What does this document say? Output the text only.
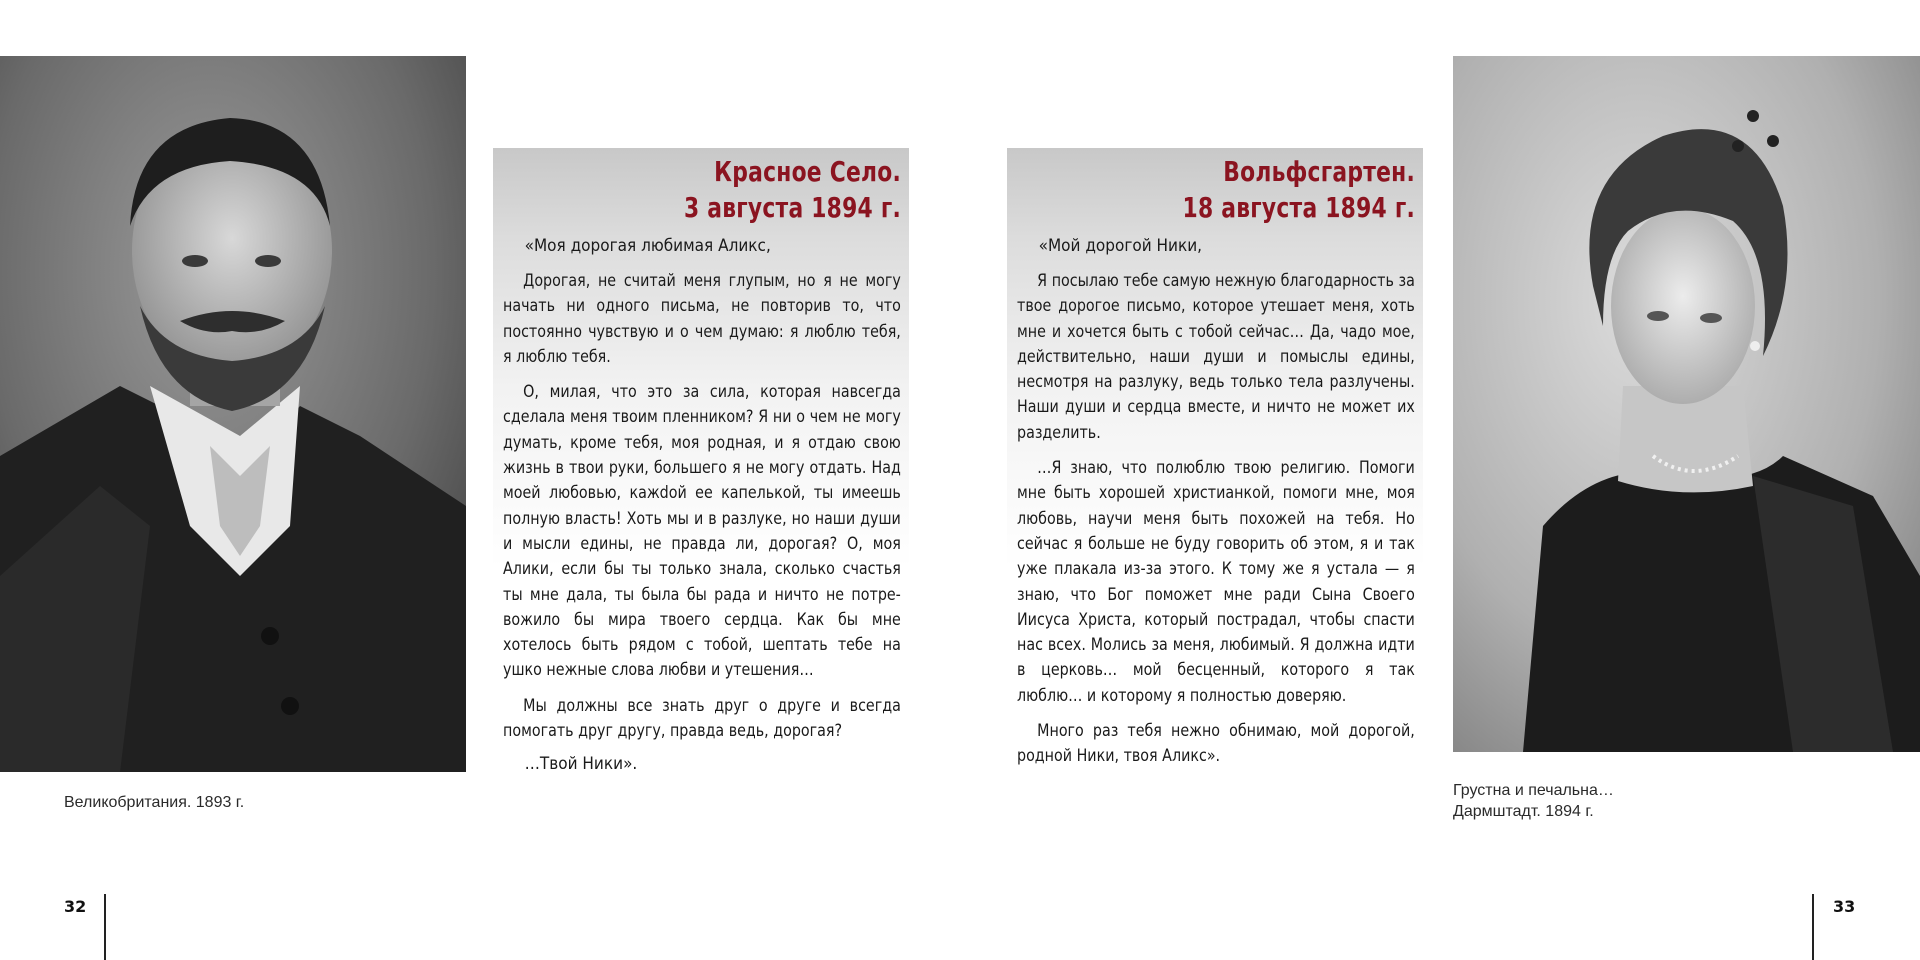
Великобритания. 1893 г.
Красное Село.
3 августа 1894 г.
«Моя дорогая любимая Аликс,
Дорогая, не считай меня глупым, но я не могу начать ни одного письма, не повторив то, что постоянно чувствую и о чем думаю: я люблю тебя, я люблю тебя.
О, милая, что это за сила, которая навсегда сделала меня твоим пленником? Я ни о чем не могу думать, кроме тебя, моя родная, и я отдаю свою жизнь в твои руки, большего я не могу отдать. Над моей любовью, кажdой ее капелькой, ты имеешь полную власть! Хоть мы и в разлуке, но наши души и мысли едины, не правда ли, дорогая? О, моя Алики, если бы ты только знала, сколько счастья ты мне дала, ты была бы рада и ничто не потревожило бы мира твоего сердца. Как бы мне хотелось быть рядом с тобой, шептать тебе на ушко нежные слова любви и утешения…
Мы должны все знать друг о друге и всегда помогать друг другу, правда ведь, дорогая?
…Твой Ники».
Вольфсгартен.
18 августа 1894 г.
«Мой дорогой Ники,
Я посылаю тебе самую нежную благодарность за твое дорогое письмо, которое утешает меня, хоть мне и хочется быть с тобой сейчас… Да, чадо мое, действительно, наши души и помыслы едины, несмотря на разлуку, ведь только тела разлучены. Наши души и сердца вместе, и ничто не может их разделить.
…Я знаю, что полюблю твою религию. Помоги мне быть хорошей христианкой, помоги мне, моя любовь, научи меня быть похожей на тебя. Но сейчас я больше не буду говорить об этом, я и так уже плакала из-за этого. К тому же я устала — я знаю, что Бог поможет мне ради Сына Своего Иисуса Христа, который пострадал, чтобы спасти нас всех. Молись за меня, любимый. Я должна идти в церковь… мой бесценный, которого я так люблю… и которому я полностью доверяю.
Много раз тебя нежно обнимаю, мой дорогой, родной Ники, твоя Аликс».
Грустна и печальна…
Дармштадт. 1894 г.
32	33
